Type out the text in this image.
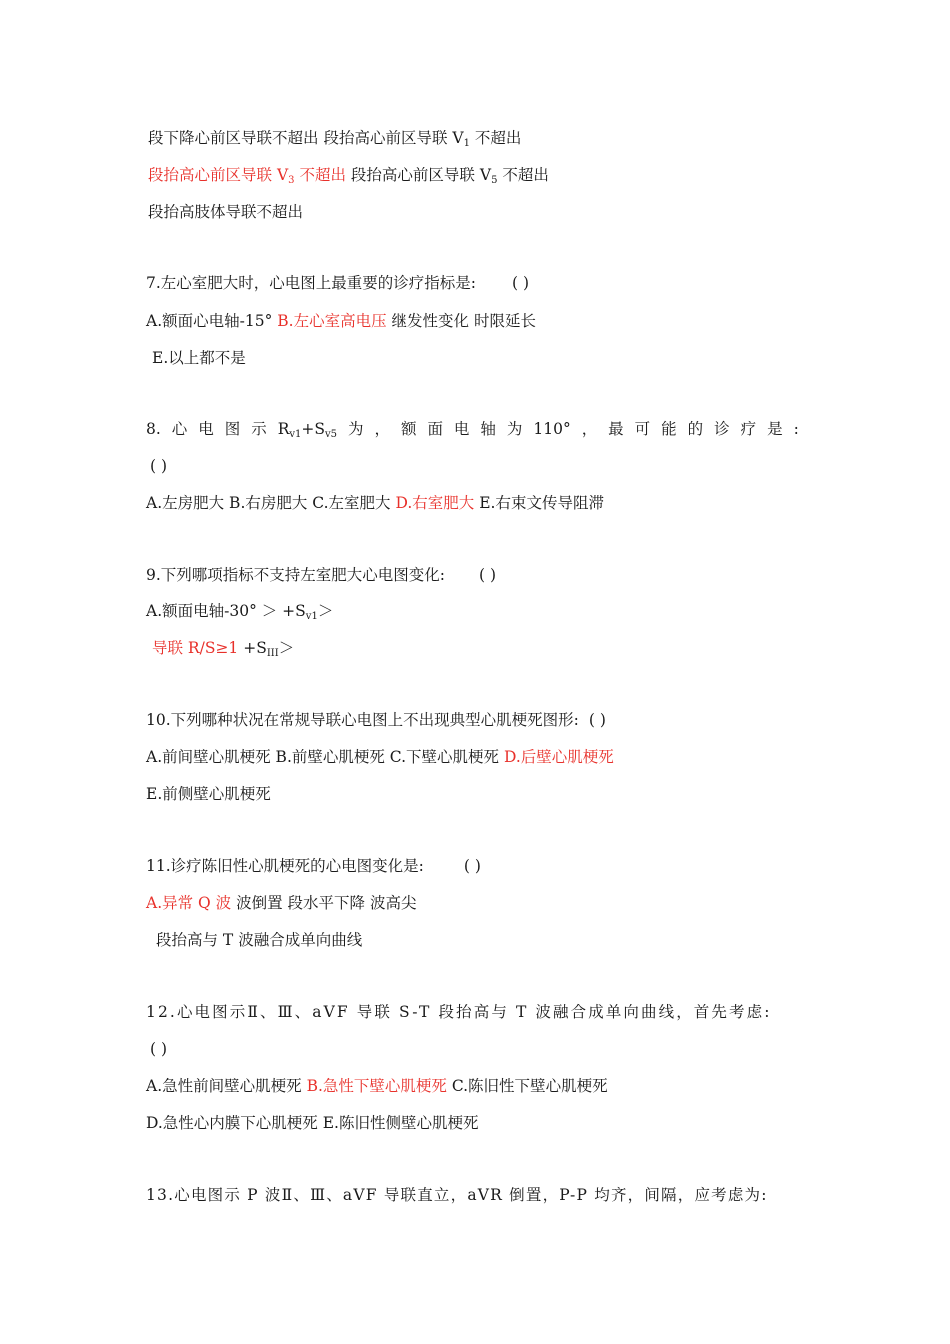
段下降心前区导联不超出 段抬高心前区导联 $V_1$ 不超出
段抬高心前区导联 $V_3$ 不超出 段抬高心前区导联 $V_5$ 不超出
段抬高肢体导联不超出
7.左心室肥大时，心电图上最重要的诊疗指标是: ( )
A.额面心电轴-15° B.左心室高电压 继发性变化 时限延长
E.以上都不是
8. 心 电 图 示 $R_{v1}+S_{v5}$ 为 ， 额 面 电 轴 为 110° ， 最 可 能 的 诊 疗 是 :
( )
A.左房肥大 B.右房肥大 C.左室肥大 D.右室肥大 E.右束文传导阻滞
9.下列哪项指标不支持左室肥大心电图变化: ( )
A.额面电轴$-30^\circ > +S_{v1}>$
导联 $R/S\ge 1 +S_{III}>$
10.下列哪种状况在常规导联心电图上不出现典型心肌梗死图形: ( )
A.前间壁心肌梗死 B.前壁心肌梗死 C.下壁心肌梗死 D.后壁心肌梗死
E.前侧壁心肌梗死
11.诊疗陈旧性心肌梗死的心电图变化是:	( )
A.异常 Q 波 波倒置 段水平下降 波高尖
段抬高与 T 波融合成单向曲线
12.心电图示Ⅱ、Ⅲ、aVF 导联 S-T 段抬高与 T 波融合成单向曲线，首先考虑:
( )
A.急性前间壁心肌梗死 B.急性下壁心肌梗死 C.陈旧性下壁心肌梗死
D.急性心内膜下心肌梗死 E.陈旧性侧壁心肌梗死
13.心电图示 P 波Ⅱ、Ⅲ、aVF 导联直立，aVR 倒置，P-P 均齐，间隔，应考虑为:
